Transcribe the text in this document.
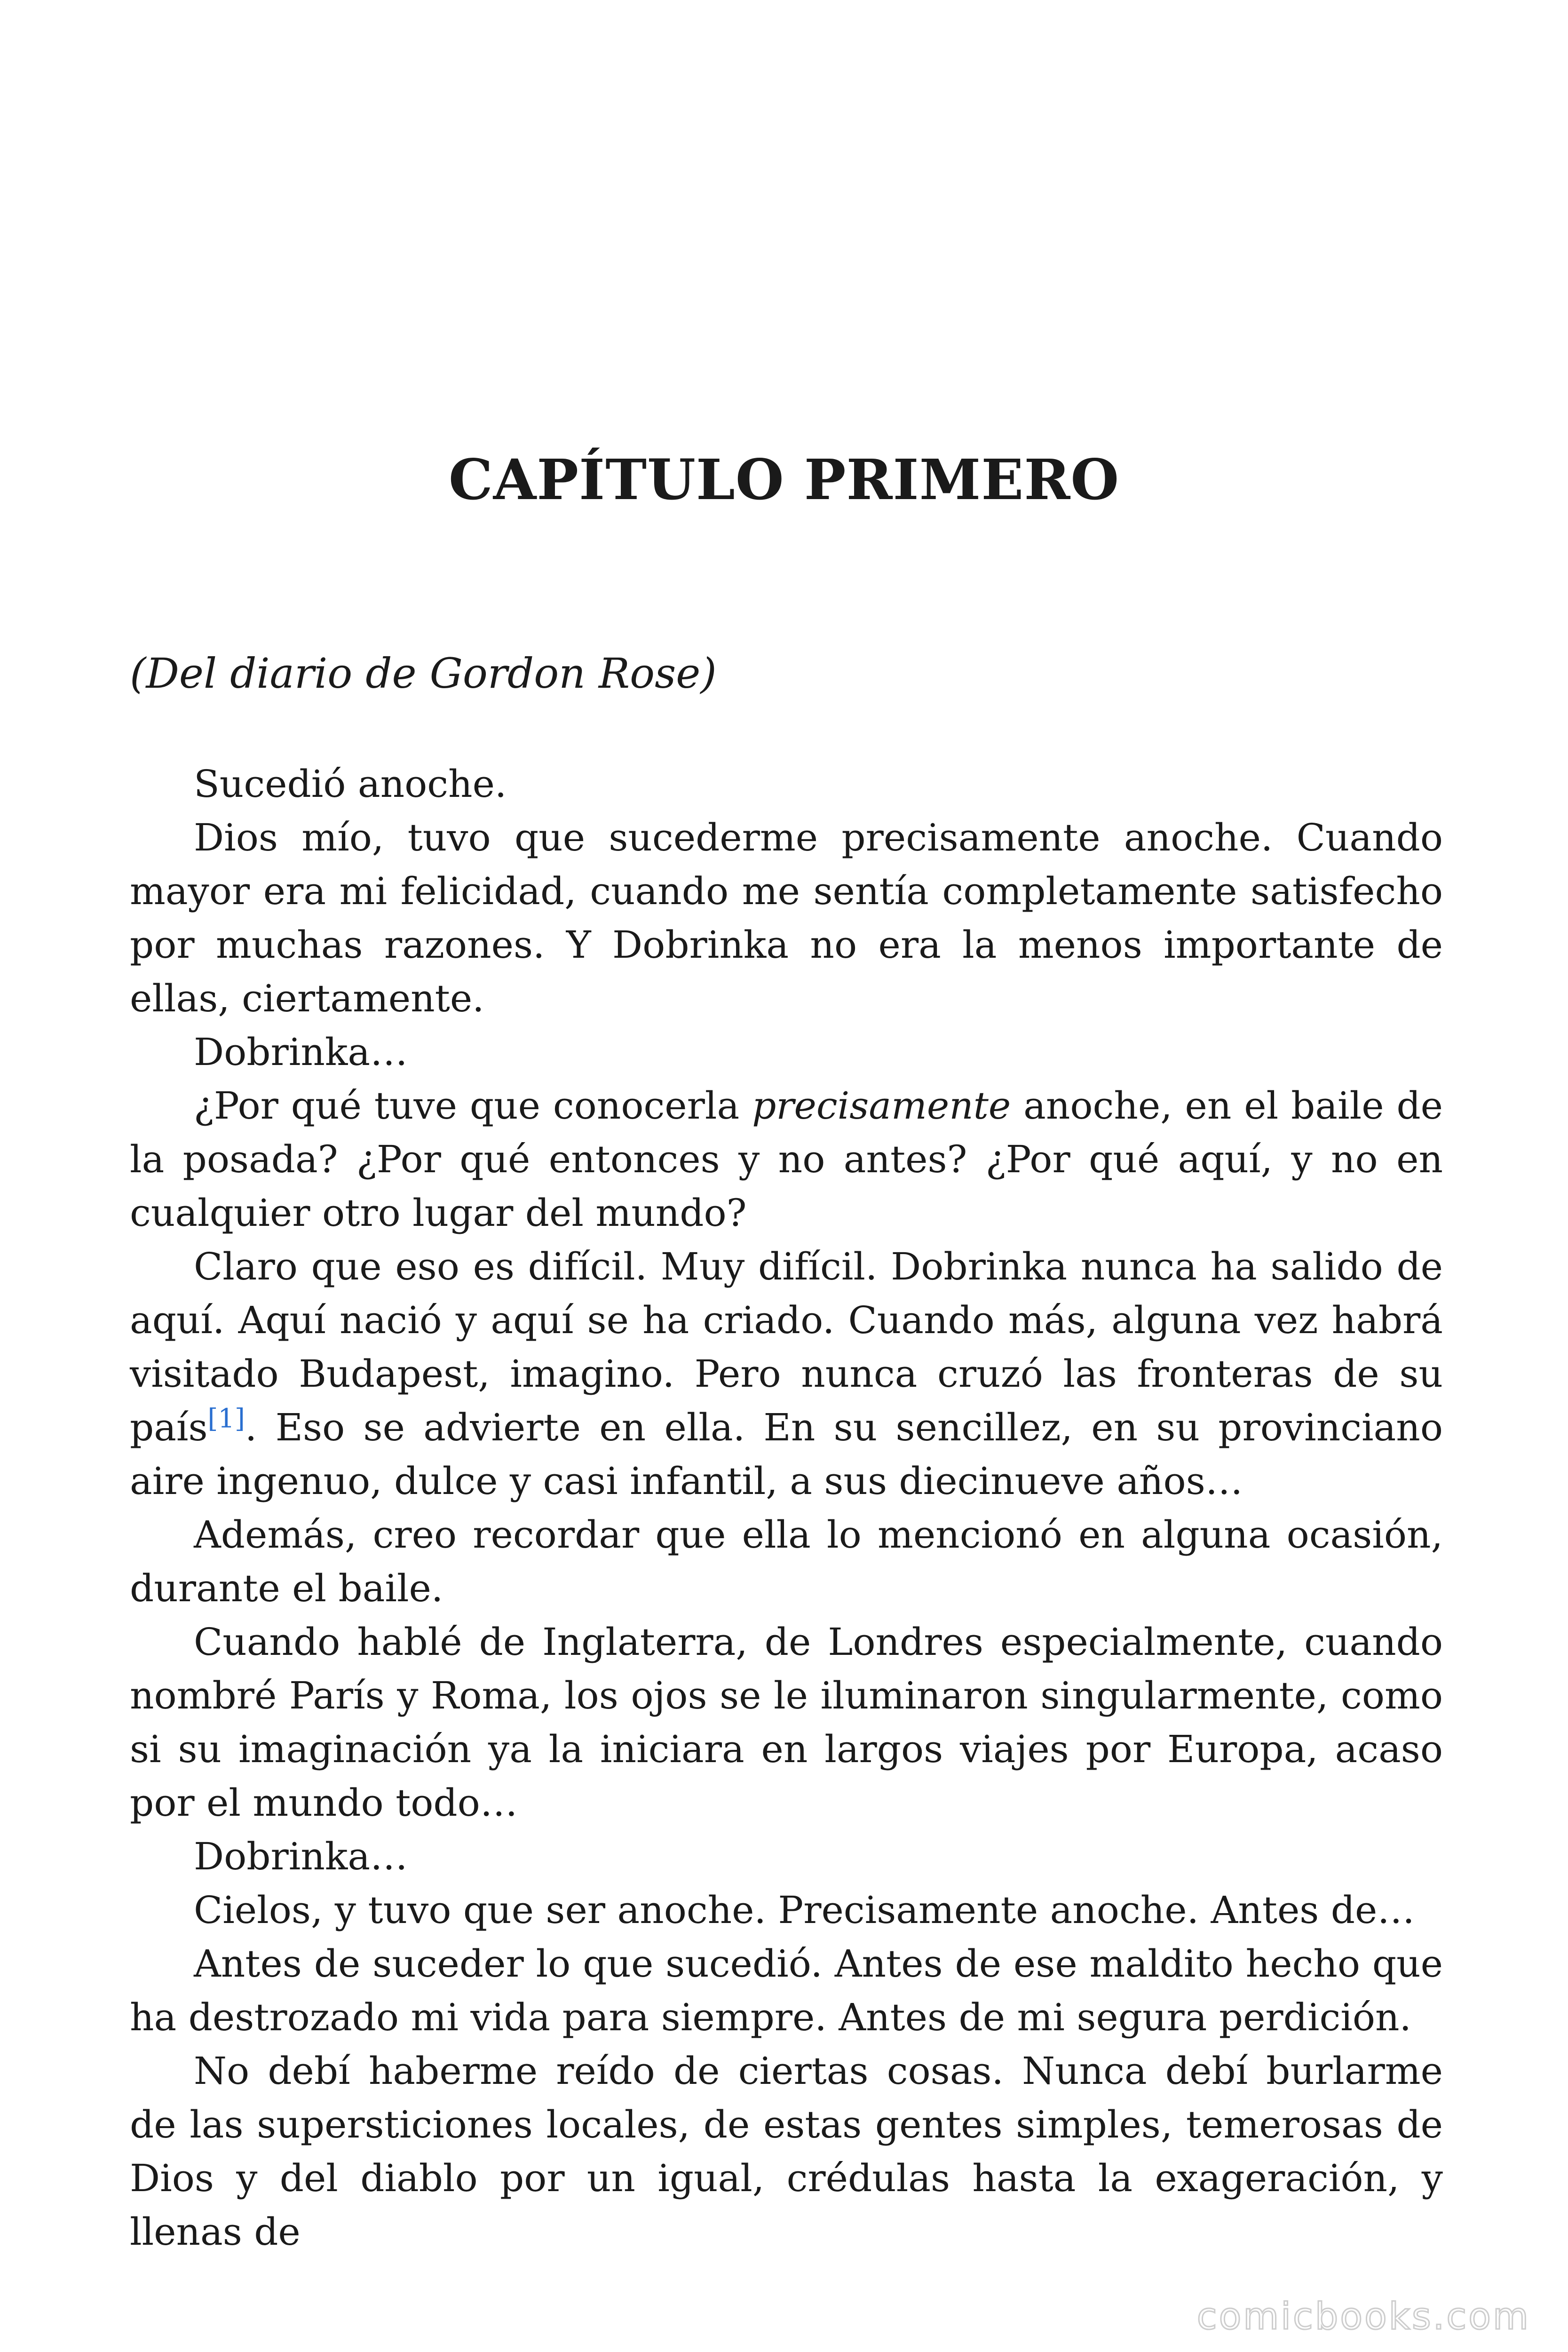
CAPÍTULO PRIMERO

(Del diario de Gordon Rose)

Sucedió anoche.

Dios mío, tuvo que sucederme precisamente anoche. Cuando mayor era mi felicidad, cuando me sentía completamente satisfecho por muchas razones. Y Dobrinka no era la menos importante de ellas, ciertamente.

Dobrinka…

¿Por qué tuve que conocerla precisamente anoche, en el baile de la posada? ¿Por qué entonces y no antes? ¿Por qué aquí, y no en cualquier otro lugar del mundo?

Claro que eso es difícil. Muy difícil. Dobrinka nunca ha salido de aquí. Aquí nació y aquí se ha criado. Cuando más, alguna vez habrá visitado Budapest, imagino. Pero nunca cruzó las fronteras de su país[1]. Eso se advierte en ella. En su sencillez, en su provinciano aire ingenuo, dulce y casi infantil, a sus diecinueve años…

Además, creo recordar que ella lo mencionó en alguna ocasión, durante el baile.

Cuando hablé de Inglaterra, de Londres especialmente, cuando nombré París y Roma, los ojos se le iluminaron singularmente, como si su imaginación ya la iniciara en largos viajes por Europa, acaso por el mundo todo…

Dobrinka…

Cielos, y tuvo que ser anoche. Precisamente anoche. Antes de…

Antes de suceder lo que sucedió. Antes de ese maldito hecho que ha destrozado mi vida para siempre. Antes de mi segura perdición.

No debí haberme reído de ciertas cosas. Nunca debí burlarme de las supersticiones locales, de estas gentes simples, temerosas de Dios y del diablo por un igual, crédulas hasta la exageración, y llenas de

comicbooks.com
